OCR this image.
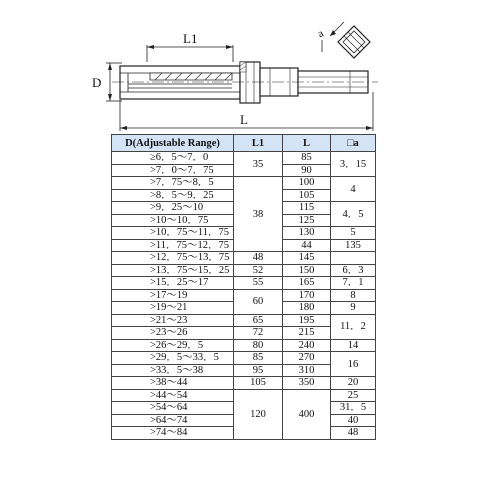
L1
D
a
L
D(Adjustable Range)	L1	L	□a	
≥6．5～7．0	35	85	3．15	
>7．0～7．75		90		
>7．75～8．5	38	100	4	
>8．5～9．25		105		
>9．25～10		115	4．5	
>10～10．75		125		
>10．75～11．75		130	5	
>11．75～12．75		44	135	
>12．75～13．75	48	145		
>13．75～15．25	52	150	6．3	
>15．25～17	55	165	7．1	
>17～19	60	170	8	
>19～21		180	9	
>21～23	65	195	11．2	
>23～26	72	215		
>26～29．5	80	240	14	
>29．5～33．5	85	270	16	
>33．5～38	95	310		
>38～44	105	350	20	
>44～54	120	400	25	
>54～64			31．5	
>64～74			40	
>74～84			48	
